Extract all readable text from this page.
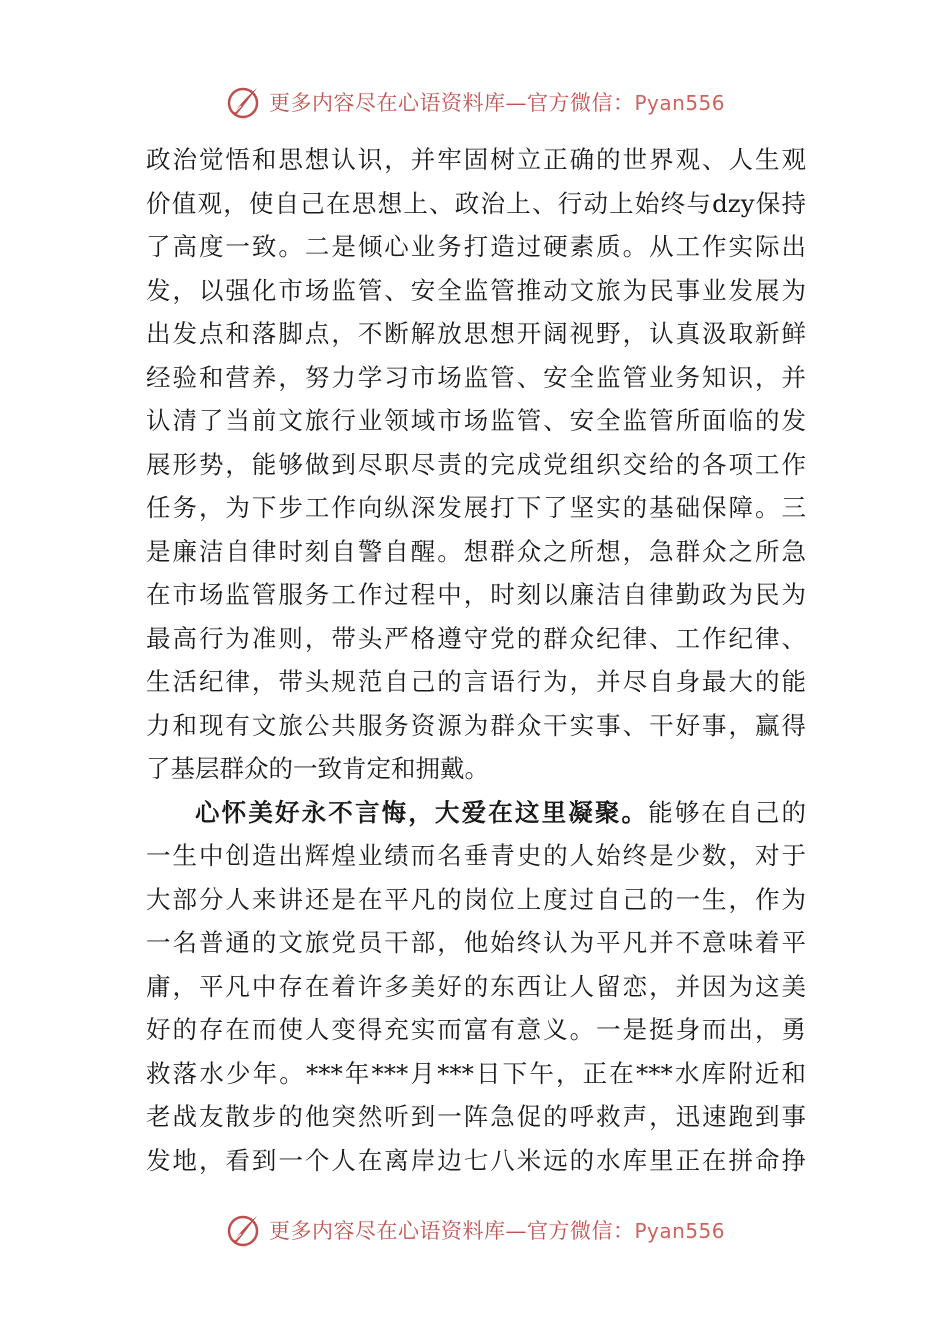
更多内容尽在心语资料库—官方微信：Pyan556
政治觉悟和思想认识，并牢固树立正确的世界观、人生观
价值观，使自己在思想上、政治上、行动上始终与dzy保持
了高度一致。二是倾心业务打造过硬素质。从工作实际出
发，以强化市场监管、安全监管推动文旅为民事业发展为
出发点和落脚点，不断解放思想开阔视野，认真汲取新鲜
经验和营养，努力学习市场监管、安全监管业务知识，并
认清了当前文旅行业领域市场监管、安全监管所面临的发
展形势，能够做到尽职尽责的完成党组织交给的各项工作
任务，为下步工作向纵深发展打下了坚实的基础保障。三
是廉洁自律时刻自警自醒。想群众之所想，急群众之所急
在市场监管服务工作过程中，时刻以廉洁自律勤政为民为
最高行为准则，带头严格遵守党的群众纪律、工作纪律、
生活纪律，带头规范自己的言语行为，并尽自身最大的能
力和现有文旅公共服务资源为群众干实事、干好事，赢得
了基层群众的一致肯定和拥戴。
心怀美好永不言悔，大爱在这里凝聚。能够在自己的
一生中创造出辉煌业绩而名垂青史的人始终是少数，对于
大部分人来讲还是在平凡的岗位上度过自己的一生，作为
一名普通的文旅党员干部，他始终认为平凡并不意味着平
庸，平凡中存在着许多美好的东西让人留恋，并因为这美
好的存在而使人变得充实而富有意义。一是挺身而出，勇
救落水少年。***年***月***日下午，正在***水库附近和
老战友散步的他突然听到一阵急促的呼救声，迅速跑到事
发地，看到一个人在离岸边七八米远的水库里正在拼命挣
更多内容尽在心语资料库—官方微信：Pyan556
